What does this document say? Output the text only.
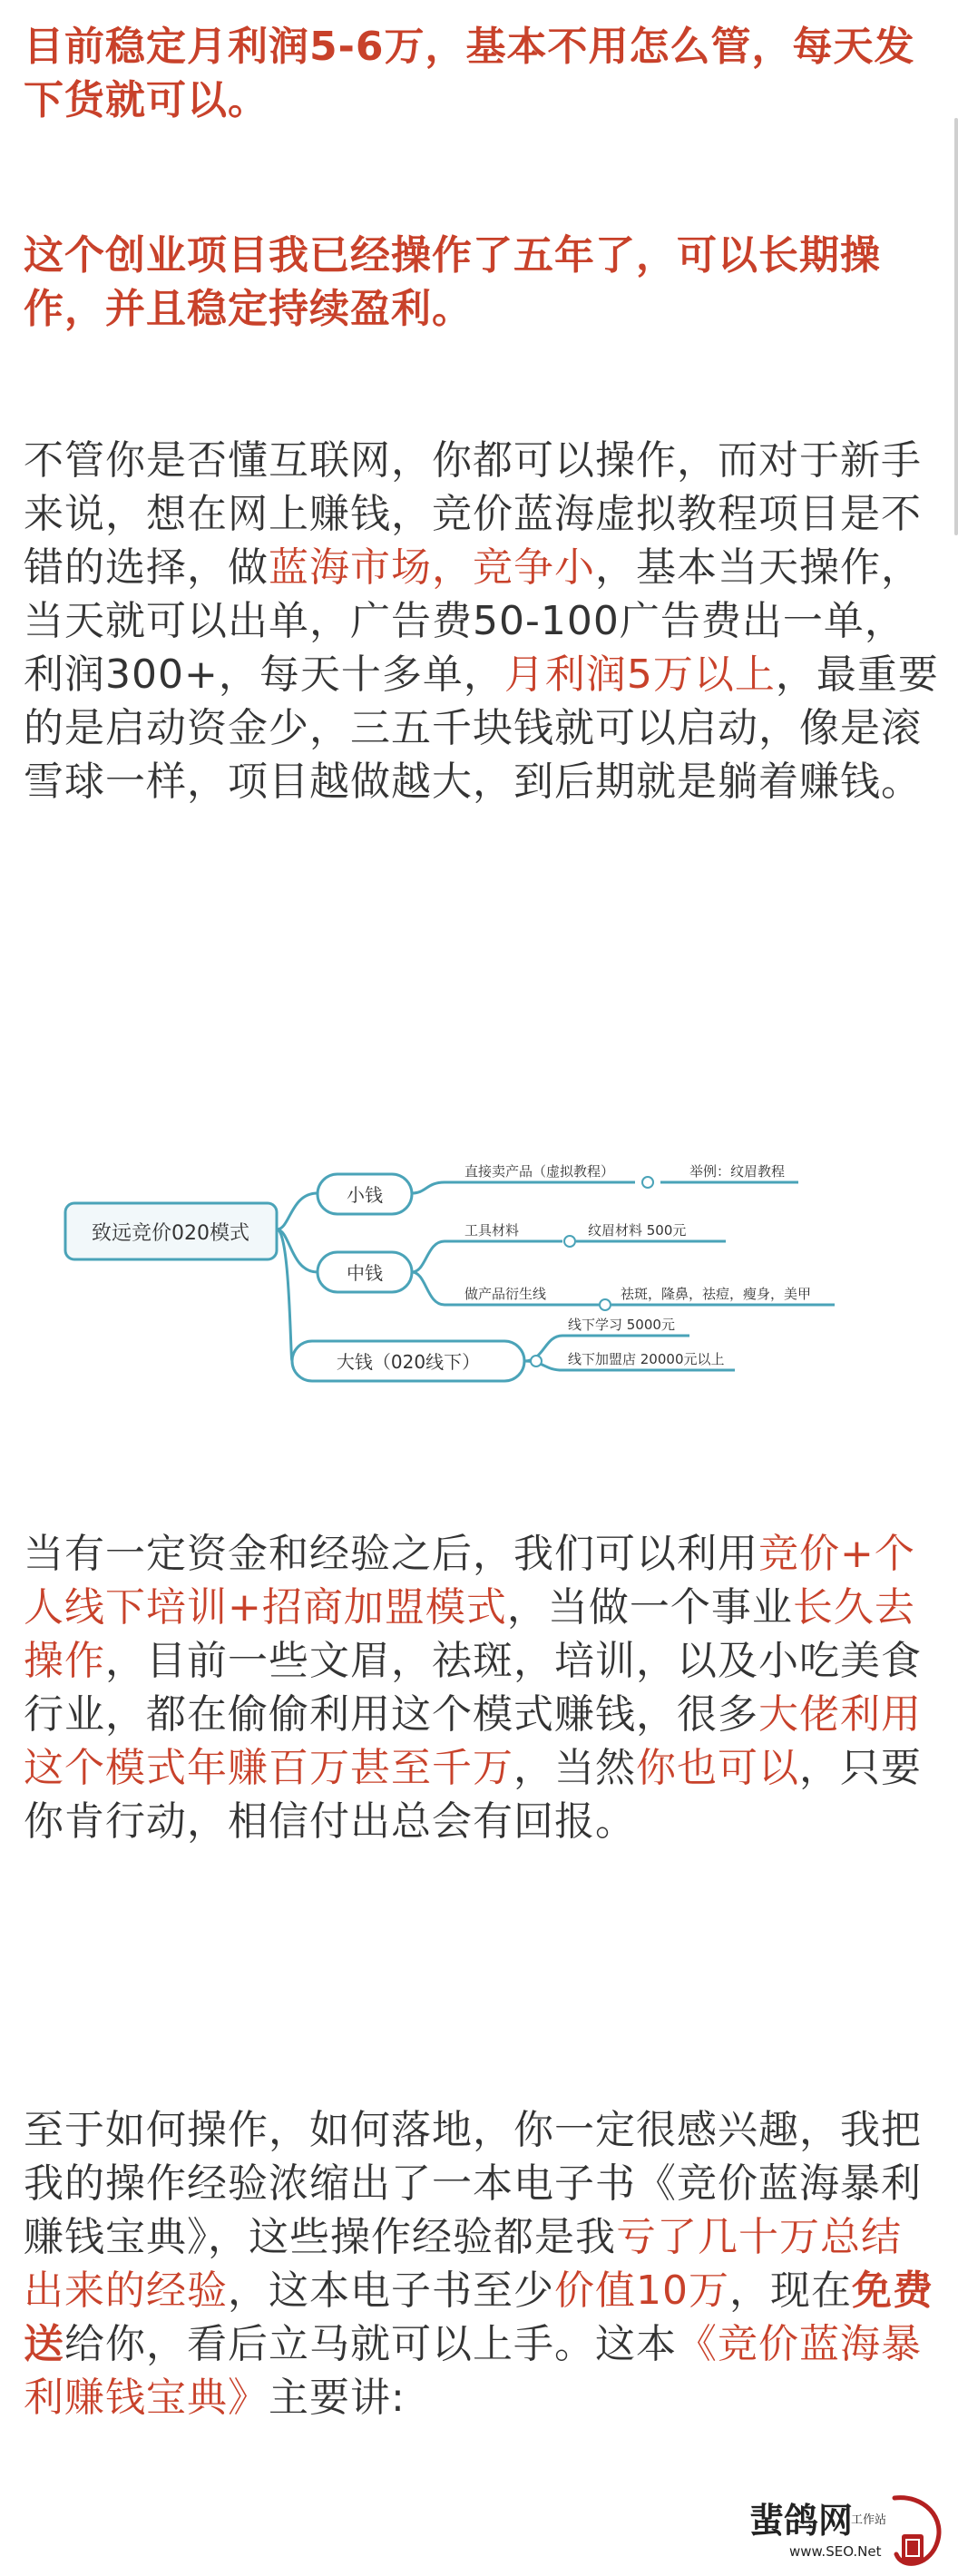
目前稳定月利润5-6万，基本不用怎么管，每天发下货就可以。

这个创业项目我已经操作了五年了，可以长期操作，并且稳定持续盈利。

不管你是否懂互联网，你都可以操作，而对于新手来说，想在网上赚钱，竞价蓝海虚拟教程项目是不错的选择，做蓝海市场，竞争小，基本当天操作，当天就可以出单，广告费50-100广告费出一单，利润300+，每天十多单，月利润5万以上，最重要的是启动资金少，三五千块钱就可以启动，像是滚雪球一样，项目越做越大，到后期就是躺着赚钱。

致远竞价020模式
小钱
中钱
大钱（020线下）
直接卖产品（虚拟教程）	举例：纹眉教程
工具材料	纹眉材料 500元
做产品衍生线	祛斑，隆鼻，祛痘，瘦身，美甲
线下学习 5000元
线下加盟店 20000元以上

当有一定资金和经验之后，我们可以利用竞价+个人线下培训+招商加盟模式，当做一个事业长久去操作，目前一些文眉，祛斑，培训，以及小吃美食行业，都在偷偷利用这个模式赚钱，很多大佬利用这个模式年赚百万甚至千万，当然你也可以，只要你肯行动，相信付出总会有回报。

至于如何操作，如何落地，你一定很感兴趣，我把我的操作经验浓缩出了一本电子书《竞价蓝海暴利赚钱宝典》，这些操作经验都是我亏了几十万总结出来的经验，这本电子书至少价值10万，现在免费送给你，看后立马就可以上手。这本《竞价蓝海暴利赚钱宝典》主要讲:

蜚鸽网
工作站
www.SEO.Net
